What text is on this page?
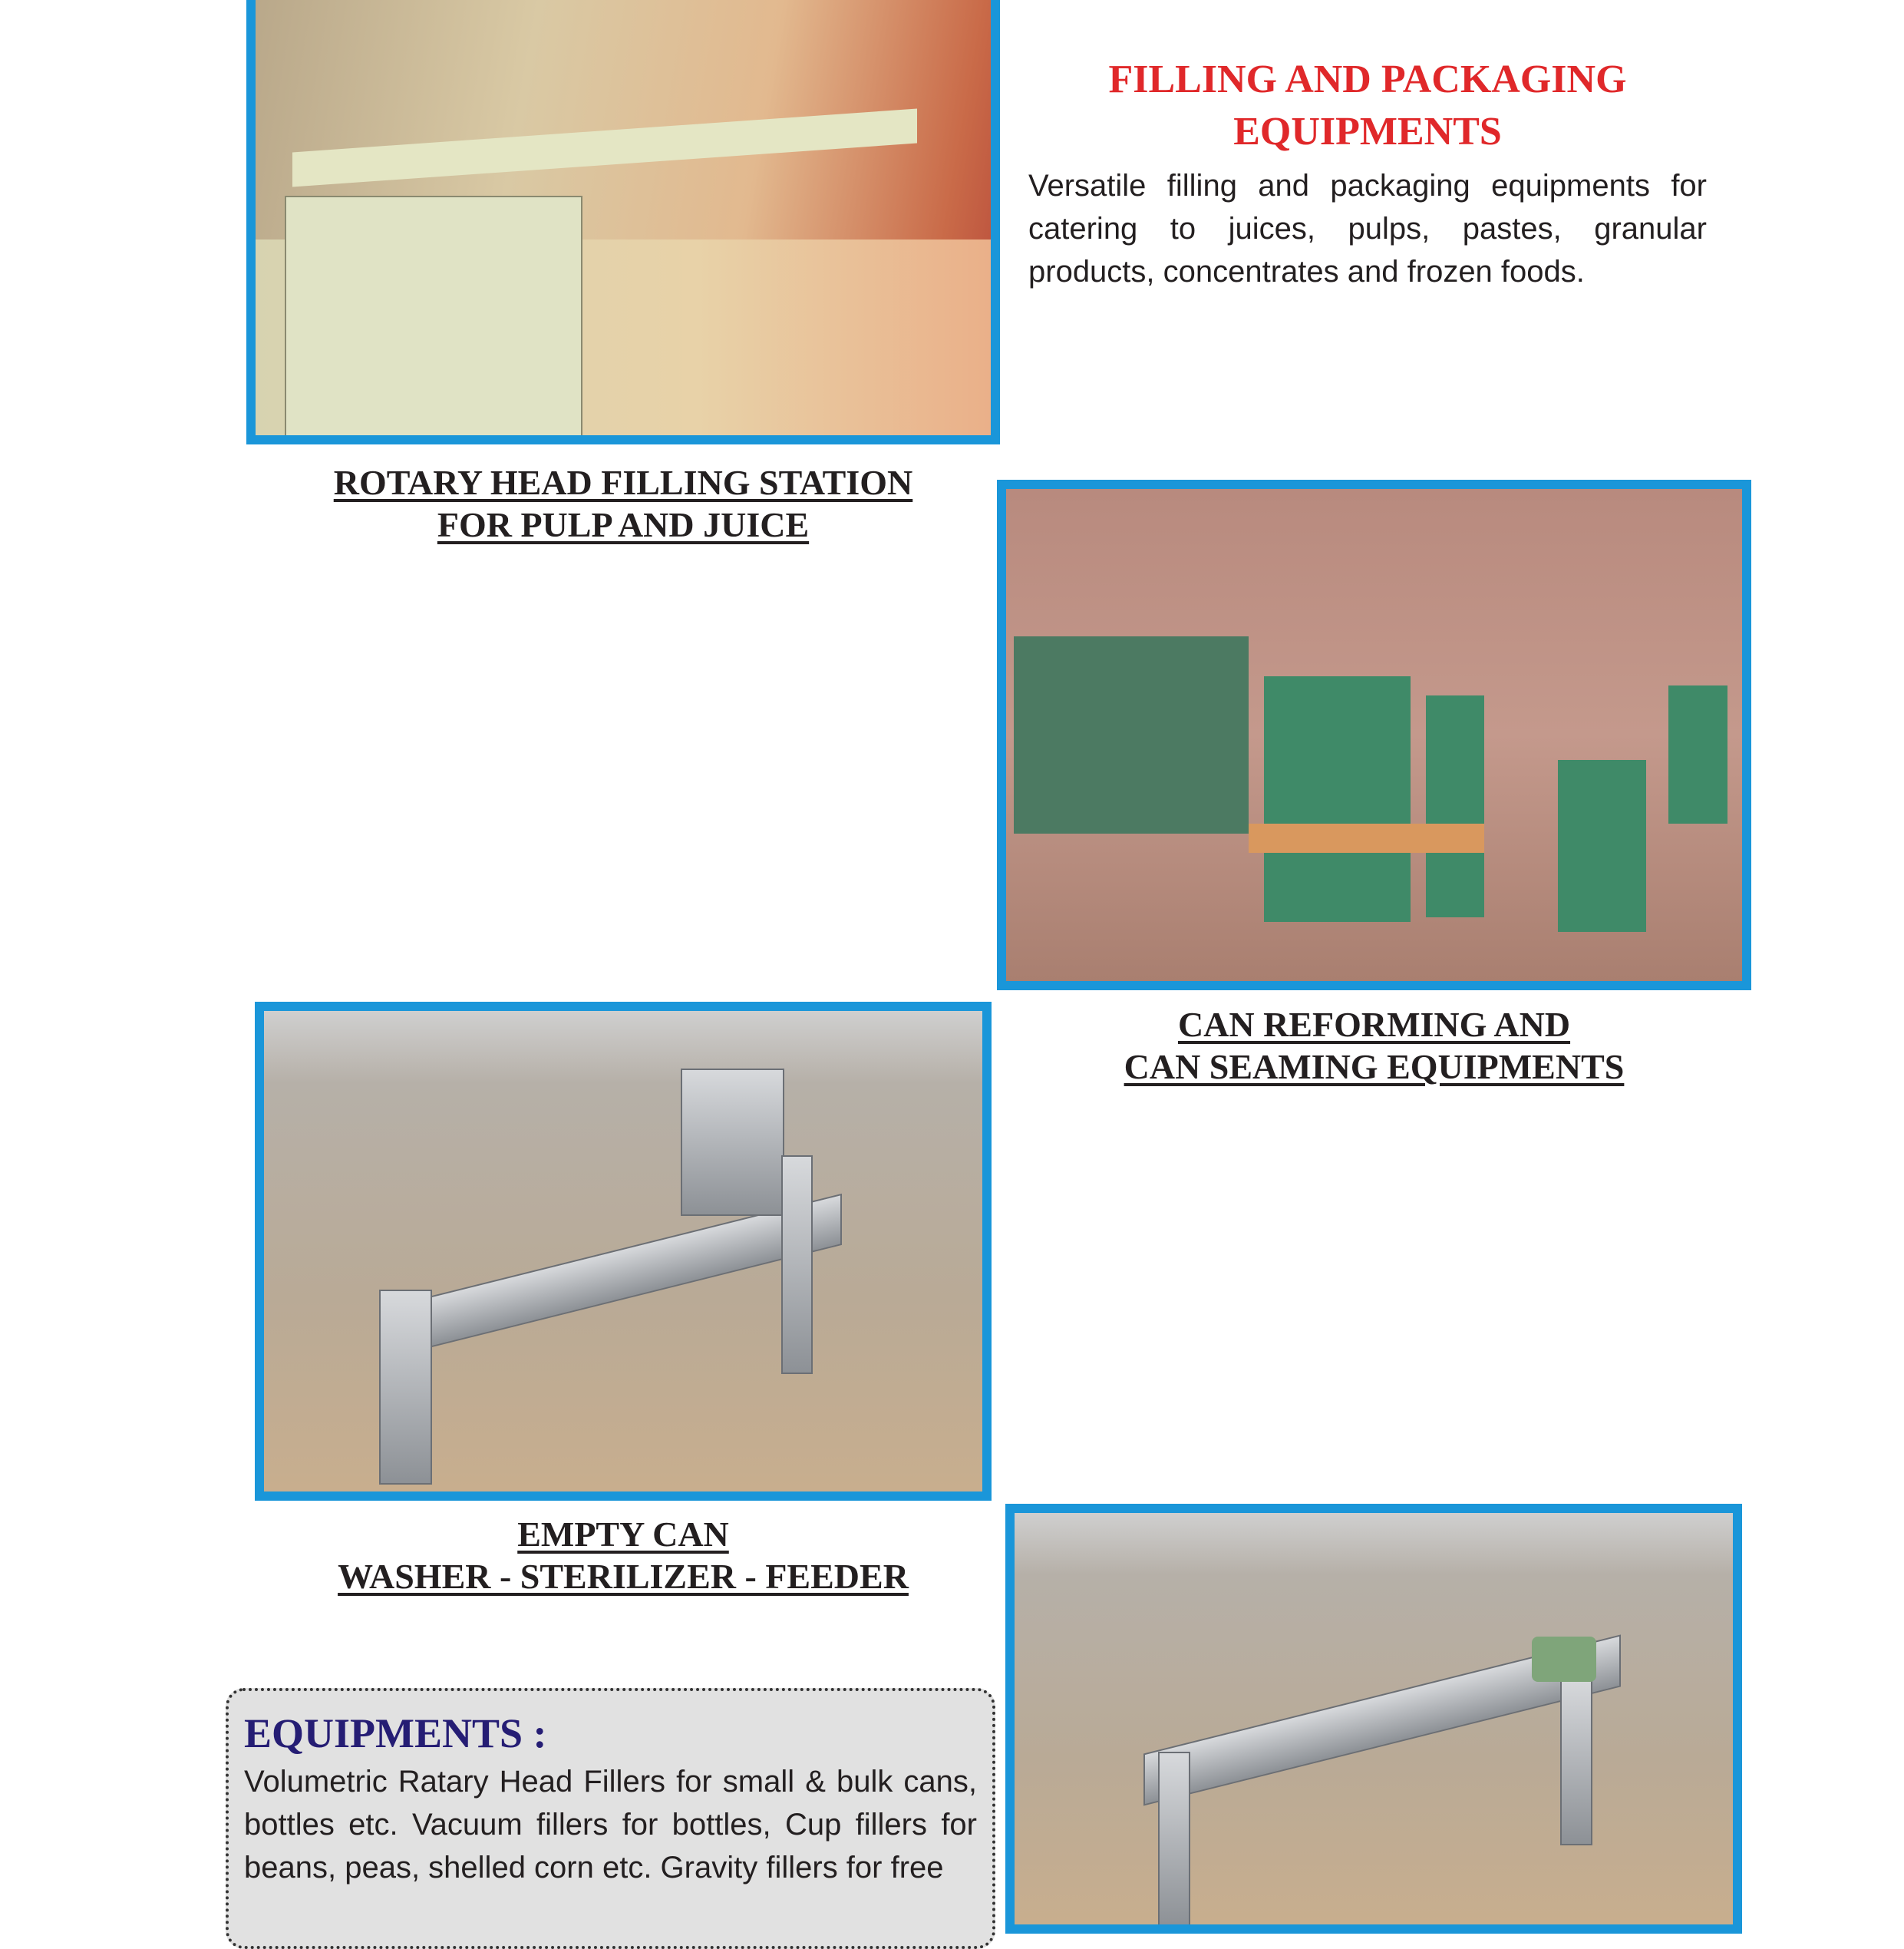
FILLING AND PACKAGING EQUIPMENTS
Versatile filling and packaging equipments for catering to juices, pulps, pastes, granular products, concentrates and frozen foods.
ROTARY HEAD FILLING STATION
FOR PULP AND JUICE
CAN REFORMING AND
CAN SEAMING EQUIPMENTS
EMPTY CAN
WASHER - STERILIZER - FEEDER
EQUIPMENTS :

Volumetric Ratary Head Fillers for small & bulk cans, bottles etc. Vacuum fillers for bottles, Cup fillers for beans, peas, shelled corn etc. Gravity fillers for free
